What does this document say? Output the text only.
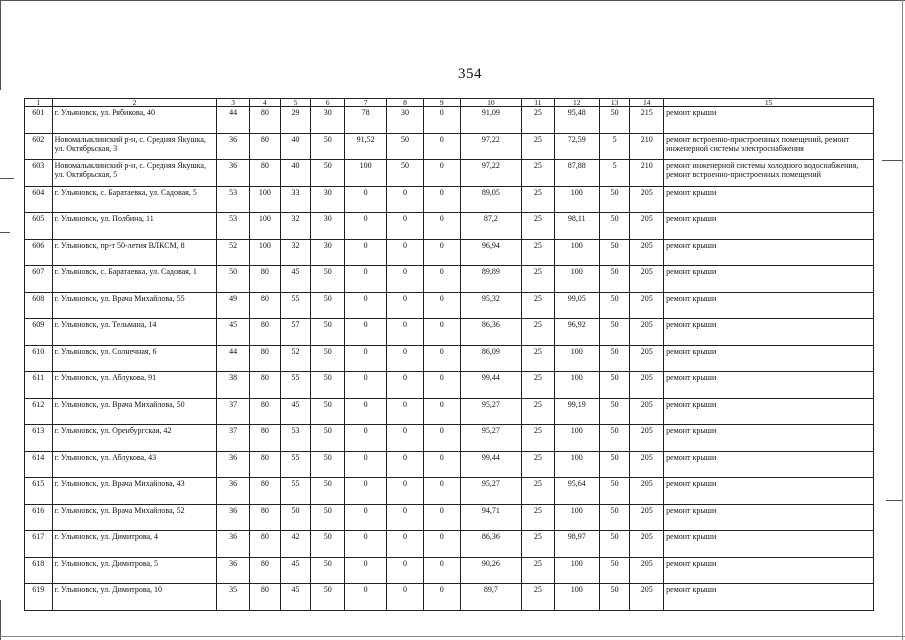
354
1	2	3	4	5	6	7	8	9	10	11	12	13	14	15
601	г. Ульяновск, ул. Рябикова, 40	44	80	29	30	78	30	0	91,09	25	95,48	50	215	ремонт крыши
602	Новомалыклинский р-н, с. Средняя Якушка, ул. Октябрьская, 3	36	80	40	50	91,52	50	0	97,22	25	72,59	5	210	ремонт встроенно-пристроенных помещений, ремонт инженерной системы электроснабжения
603	Новомалыклинский р-н, с. Средняя Якушка, ул. Октябрьская, 5	36	80	40	50	100	50	0	97,22	25	87,88	5	210	ремонт инженерной системы холодного водоснабжения, ремонт встроенно-пристроенных помещений
604	г. Ульяновск, с. Баратаевка, ул. Садовая, 5	53	100	33	30	0	0	0	89,05	25	100	50	205	ремонт крыши
605	г. Ульяновск, ул. Полбина, 11	53	100	32	30	0	0	0	87,2	25	98,11	50	205	ремонт крыши
606	г. Ульяновск, пр-т 50-летия ВЛКСМ, 8	52	100	32	30	0	0	0	96,94	25	100	50	205	ремонт крыши
607	г. Ульяновск, с. Баратаевка, ул. Садовая, 1	50	80	45	50	0	0	0	89,89	25	100	50	205	ремонт крыши
608	г. Ульяновск, ул. Врача Михайлова, 55	49	80	55	50	0	0	0	95,32	25	99,05	50	205	ремонт крыши
609	г. Ульяновск, ул. Тельмана, 14	45	80	57	50	0	0	0	86,36	25	96,92	50	205	ремонт крыши
610	г. Ульяновск, ул. Солнечная, 6	44	80	52	50	0	0	0	86,09	25	100	50	205	ремонт крыши
611	г. Ульяновск, ул. Аблукова, 91	38	80	55	50	0	0	0	99,44	25	100	50	205	ремонт крыши
612	г. Ульяновск, ул. Врача Михайлова, 50	37	80	45	50	0	0	0	95,27	25	99,19	50	205	ремонт крыши
613	г. Ульяновск, ул. Оренбургская, 42	37	80	53	50	0	0	0	95,27	25	100	50	205	ремонт крыши
614	г. Ульяновск, ул. Аблукова, 43	36	80	55	50	0	0	0	99,44	25	100	50	205	ремонт крыши
615	г. Ульяновск, ул. Врача Михайлова, 43	36	80	55	50	0	0	0	95,27	25	95,64	50	205	ремонт крыши
616	г. Ульяновск, ул. Врача Михайлова, 52	36	80	50	50	0	0	0	94,71	25	100	50	205	ремонт крыши
617	г. Ульяновск, ул. Димитрова, 4	36	80	42	50	0	0	0	86,36	25	98,97	50	205	ремонт крыши
618	г. Ульяновск, ул. Димитрова, 5	36	80	45	50	0	0	0	90,26	25	100	50	205	ремонт крыши
619	г. Ульяновск, ул. Димитрова, 10	35	80	45	50	0	0	0	89,7	25	100	50	205	ремонт крыши
